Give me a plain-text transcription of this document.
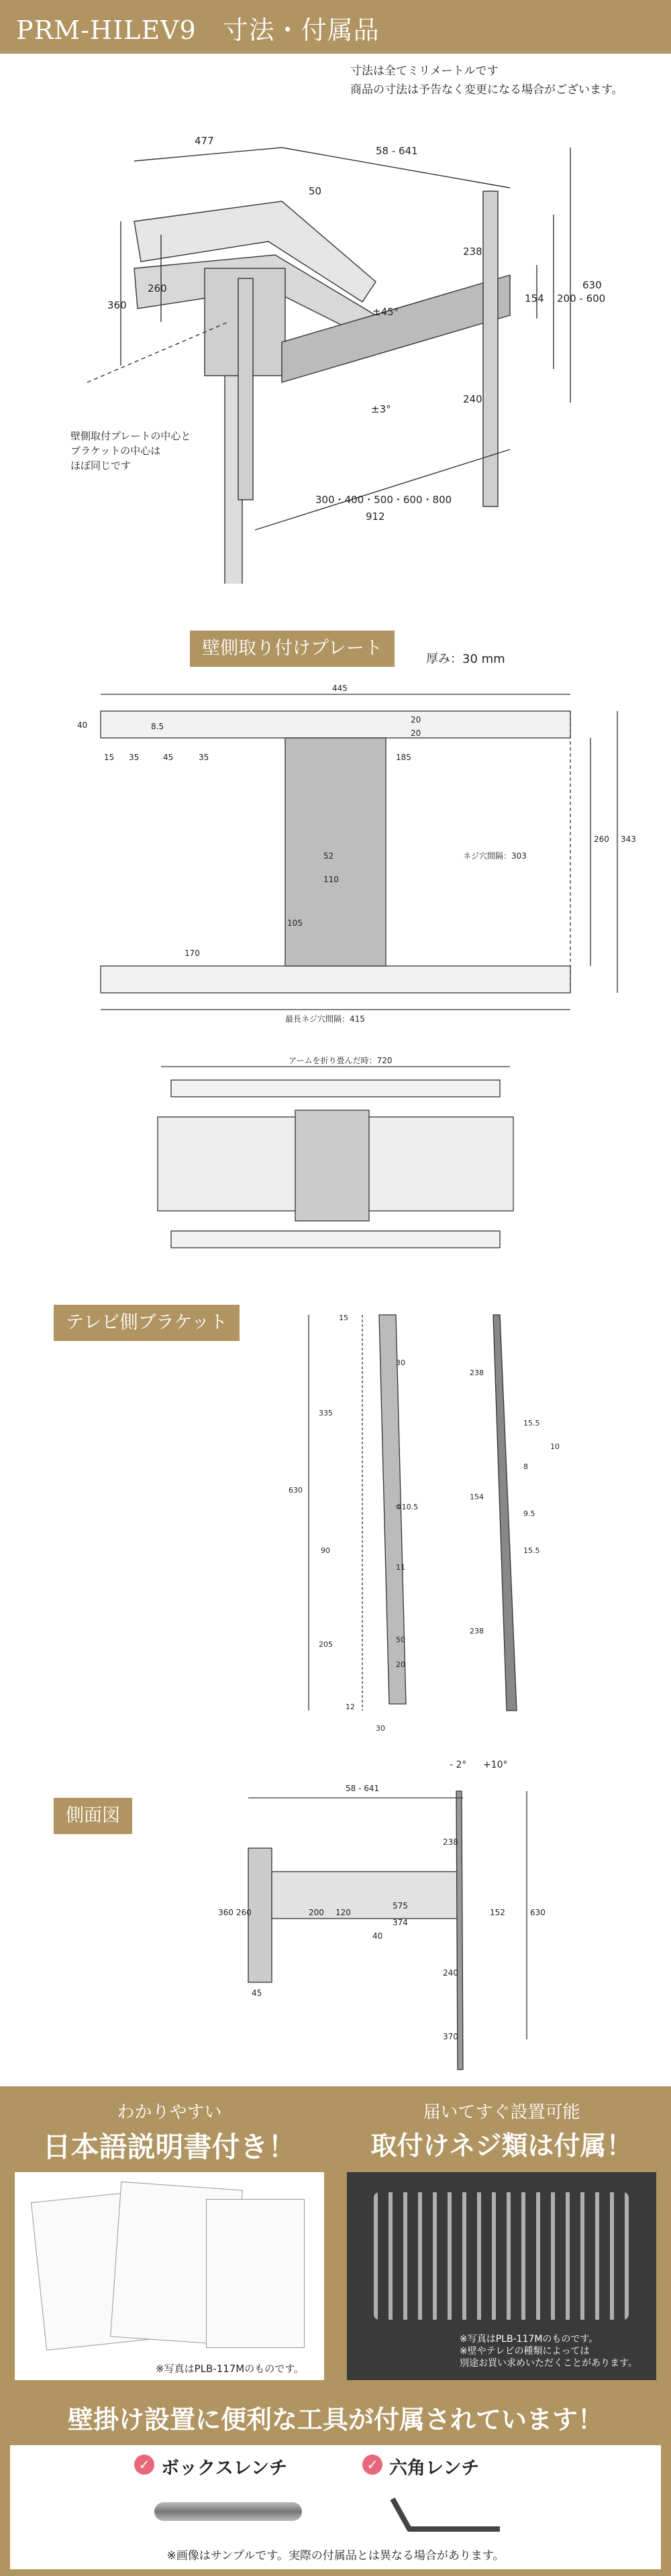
PRM-HILEV9　寸法・付属品
寸法は全てミリメートルです
商品の寸法は予告なく変更になる場合がございます。
477
58 - 641
50
238
630
154 200 - 600
360
260
240
±45°
±3°
300・400・500・600・800
912
壁側取付プレートの中心と
ブラケットの中心は
ほぼ同じです
壁側取り付けプレート
厚み：30 mm
445
40
20
20
8.5
15 35	45	35	185
52
110
105
ネジ穴間隔：303
260 343
170
最長ネジ穴間隔：415
アームを折り畳んだ時：720
テレビ側ブラケット	15
30
335
630
Φ10.5
90
11
205
50
20
12
30
238
15.5
10
8
154
9.5
15.5
238
側面図
- 2° +10°
58 - 641
238
630
152
240
370
360 260	200 120
45
40
575
374
わかりやすい
日本語説明書付き！
※写真はPLB-117Mのものです。
届いてすぐ設置可能
取付けネジ類は付属！
※写真はPLB-117Mのものです。
※壁やテレビの種類によっては
別途お買い求めいただくことがあります。
壁掛け設置に便利な工具が付属されています！
✓ ボックスレンチ	✓ 六角レンチ
※画像はサンプルです。実際の付属品とは異なる場合があります。
